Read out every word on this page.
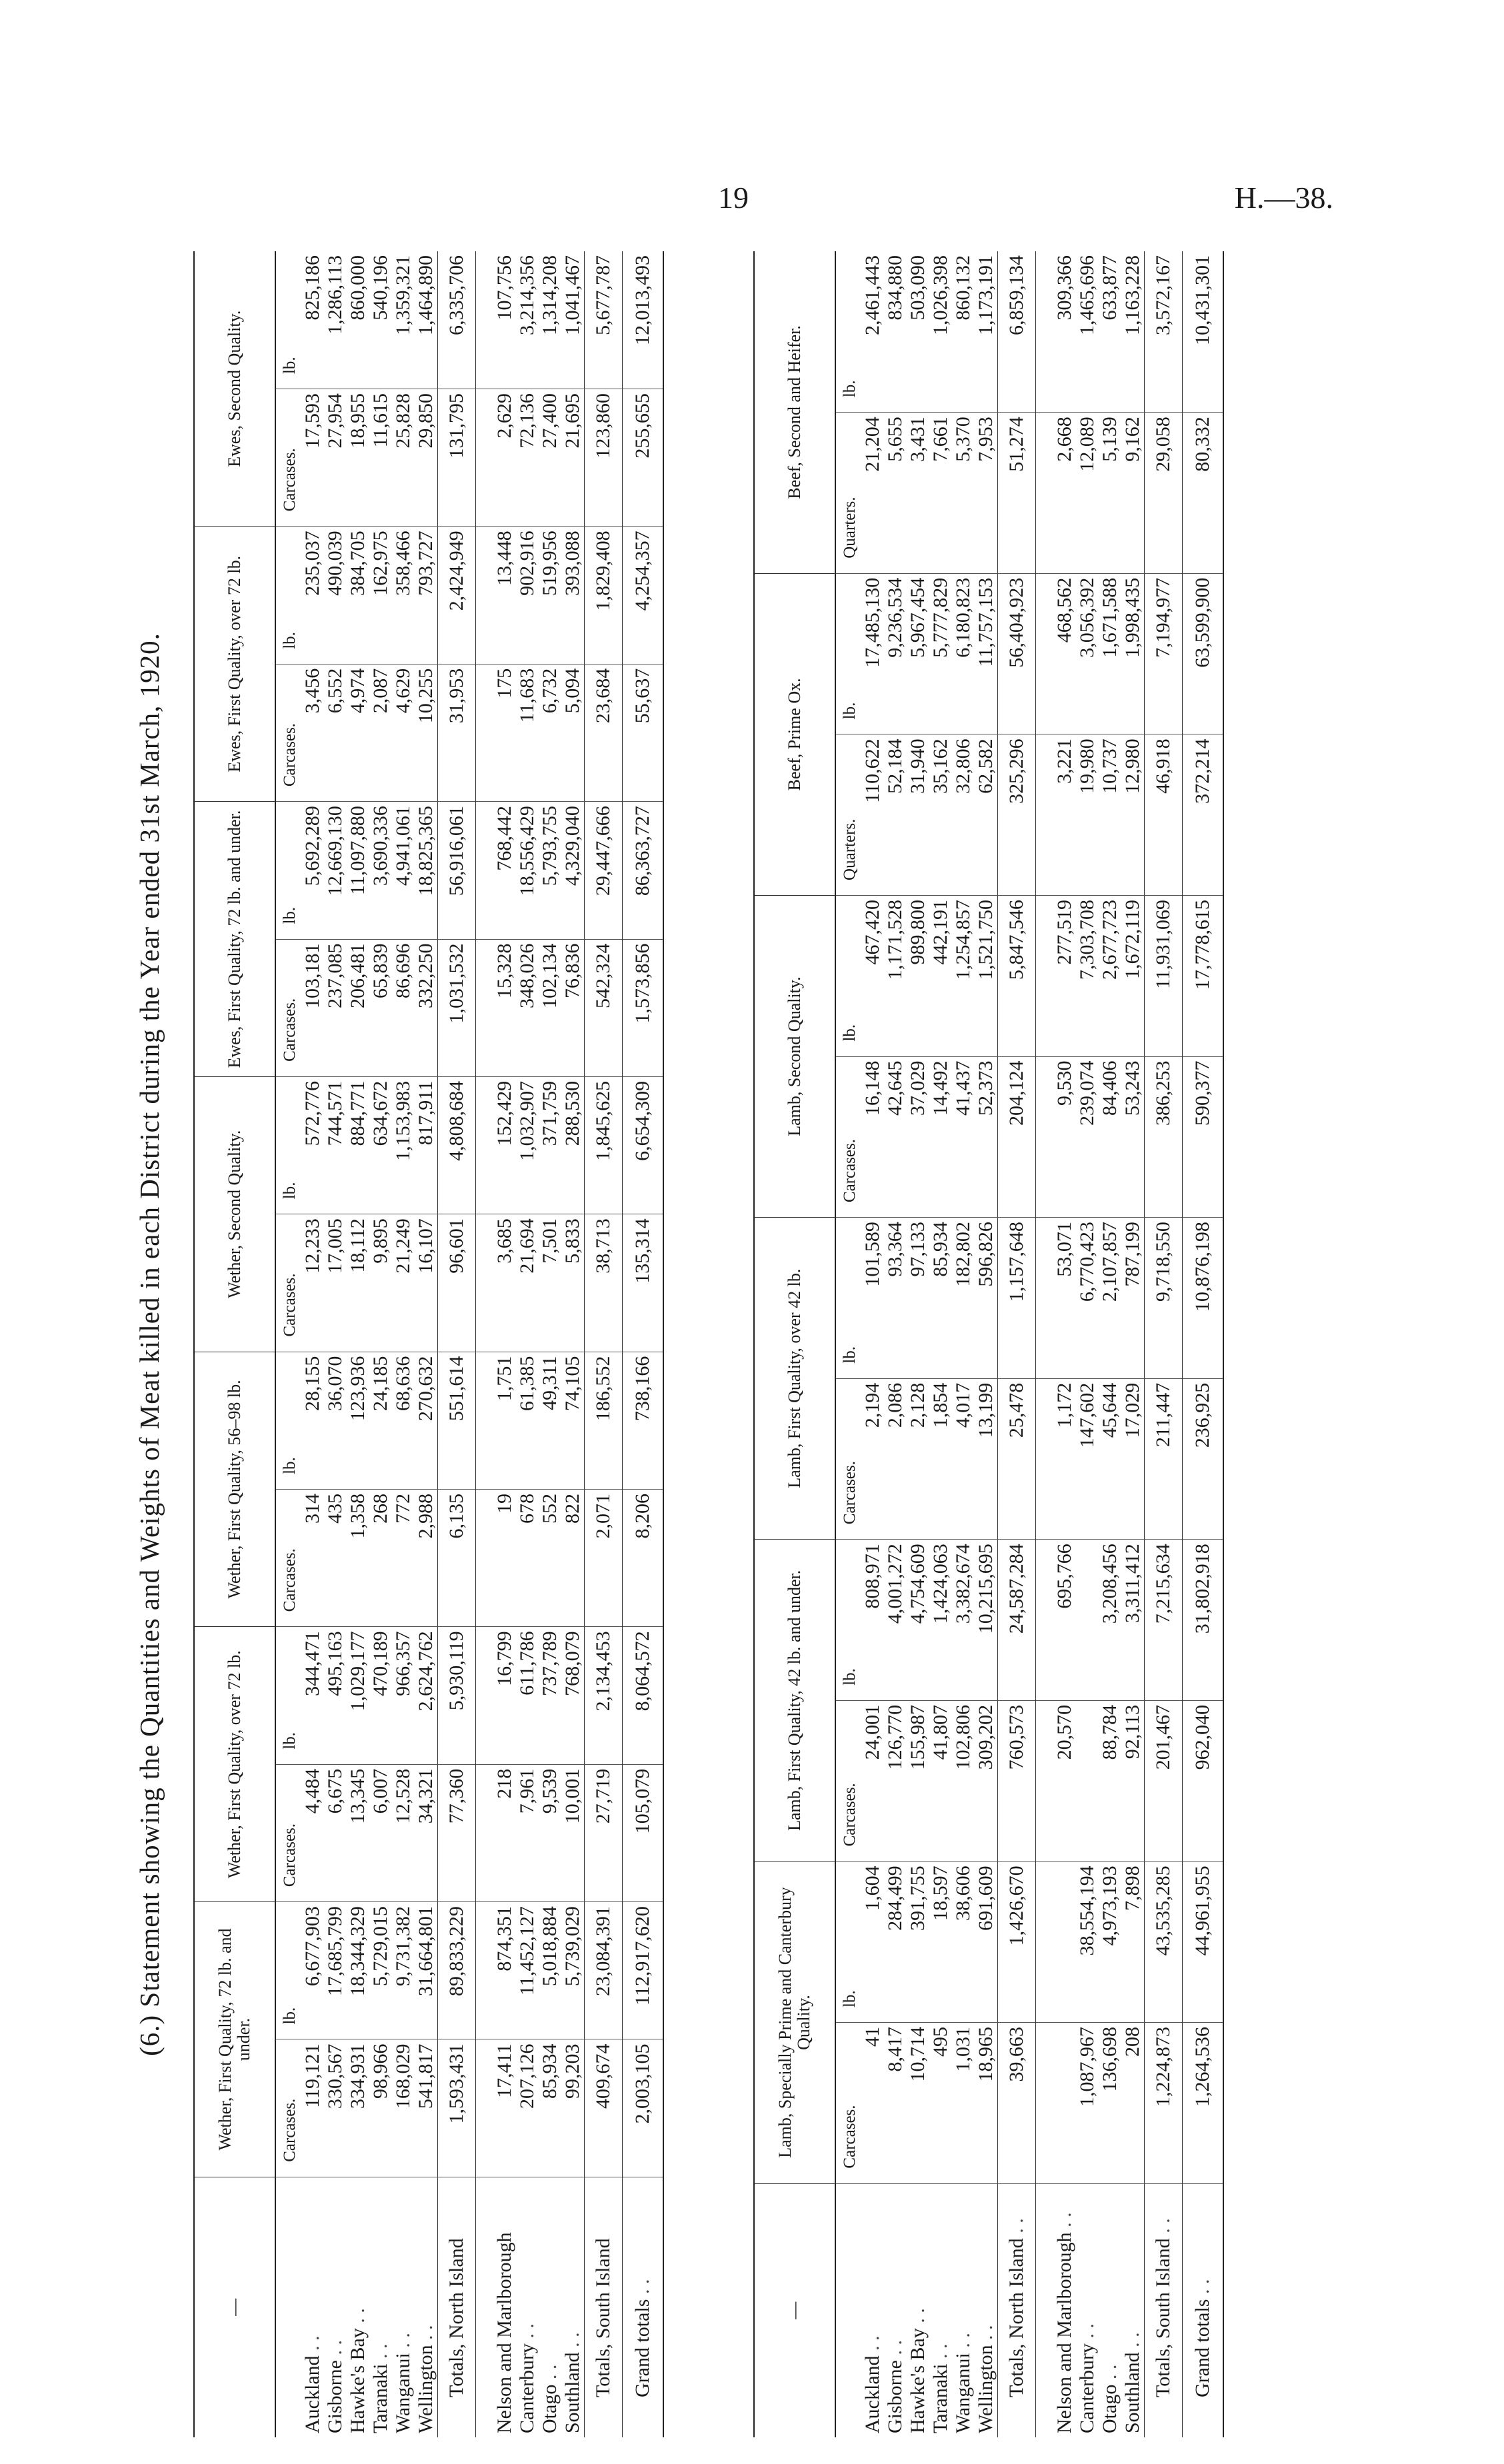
19	H.—38.
(6.) Statement showing the Quantities and Weights of Meat killed in each District during the Year ended 31st March, 1920.
—	Wether, First Quality, 72 lb. and under.		Wether, First Quality, over 72 lb.		Wether, First Quality, 56–98 lb.		Wether, Second Quality.		Ewes, First Quality, 72 lb. and under.		Ewes, First Quality, over 72 lb.		Ewes, Second Quality.	
	Carcases.	lb.	Carcases.	lb.	Carcases.	lb.	Carcases.	lb.	Carcases.	lb.	Carcases.	lb.	Carcases.	lb.
Auckland . .	119,121	6,677,903	4,484	344,471	314	28,155	12,233	572,776	103,181	5,692,289	3,456	235,037	17,593	825,186
Gisborne . .	330,567	17,685,799	6,675	495,163	435	36,070	17,005	744,571	237,085	12,669,130	6,552	490,039	27,954	1,286,113
Hawke's Bay . .	334,931	18,344,329	13,345	1,029,177	1,358	123,936	18,112	884,771	206,481	11,097,880	4,974	384,705	18,955	860,000
Taranaki . .	98,966	5,729,015	6,007	470,189	268	24,185	9,895	634,672	65,839	3,690,336	2,087	162,975	11,615	540,196
Wanganui . .	168,029	9,731,382	12,528	966,357	772	68,636	21,249	1,153,983	86,696	4,941,061	4,629	358,466	25,828	1,359,321
Wellington . .	541,817	31,664,801	34,321	2,624,762	2,988	270,632	16,107	817,911	332,250	18,825,365	10,255	793,727	29,850	1,464,890
Totals, North Island	1,593,431	89,833,229	77,360	5,930,119	6,135	551,614	96,601	4,808,684	1,031,532	56,916,061	31,953	2,424,949	131,795	6,335,706

Nelson and Marlborough	17,411	874,351	218	16,799	19	1,751	3,685	152,429	15,328	768,442	175	13,448	2,629	107,756
Canterbury . .	207,126	11,452,127	7,961	611,786	678	61,385	21,694	1,032,907	348,026	18,556,429	11,683	902,916	72,136	3,214,356
Otago . .	85,934	5,018,884	9,539	737,789	552	49,311	7,501	371,759	102,134	5,793,755	6,732	519,956	27,400	1,314,208
Southland . .	99,203	5,739,029	10,001	768,079	822	74,105	5,833	288,530	76,836	4,329,040	5,094	393,088	21,695	1,041,467
Totals, South Island	409,674	23,084,391	27,719	2,134,453	2,071	186,552	38,713	1,845,625	542,324	29,447,666	23,684	1,829,408	123,860	5,677,787
Grand totals . .	2,003,105	112,917,620	105,079	8,064,572	8,206	738,166	135,314	6,654,309	1,573,856	86,363,727	55,637	4,254,357	255,655	12,013,493
—	Lamb, Specially Prime and Canterbury Quality.		Lamb, First Quality, 42 lb. and under.		Lamb, First Quality, over 42 lb.		Lamb, Second Quality.		Beef, Prime Ox.		Beef, Second and Heifer.	
	Carcases.	lb.	Carcases.	lb.	Carcases.	lb.	Carcases.	lb.	Quarters.	lb.	Quarters.	lb.
Auckland . .	41	1,604	24,001	808,971	2,194	101,589	16,148	467,420	110,622	17,485,130	21,204	2,461,443
Gisborne . .	8,417	284,499	126,770	4,001,272	2,086	93,364	42,645	1,171,528	52,184	9,236,534	5,655	834,880
Hawke's Bay . .	10,714	391,755	155,987	4,754,609	2,128	97,133	37,029	989,800	31,940	5,967,454	3,431	503,090
Taranaki . .	495	18,597	41,807	1,424,063	1,854	85,934	14,492	442,191	35,162	5,777,829	7,661	1,026,398
Wanganui . .	1,031	38,606	102,806	3,382,674	4,017	182,802	41,437	1,254,857	32,806	6,180,823	5,370	860,132
Wellington . .	18,965	691,609	309,202	10,215,695	13,199	596,826	52,373	1,521,750	62,582	11,757,153	7,953	1,173,191
Totals, North Island . .	39,663	1,426,670	760,573	24,587,284	25,478	1,157,648	204,124	5,847,546	325,296	56,404,923	51,274	6,859,134

Nelson and Marlborough . .			20,570	695,766	1,172	53,071	9,530	277,519	3,221	468,562	2,668	309,366
Canterbury . .	1,087,967	38,554,194			147,602	6,770,423	239,074	7,303,708	19,980	3,056,392	12,089	1,465,696
Otago . .	136,698	4,973,193	88,784	3,208,456	45,644	2,107,857	84,406	2,677,723	10,737	1,671,588	5,139	633,877
Southland . .	208	7,898	92,113	3,311,412	17,029	787,199	53,243	1,672,119	12,980	1,998,435	9,162	1,163,228
Totals, South Island . .	1,224,873	43,535,285	201,467	7,215,634	211,447	9,718,550	386,253	11,931,069	46,918	7,194,977	29,058	3,572,167
Grand totals . .	1,264,536	44,961,955	962,040	31,802,918	236,925	10,876,198	590,377	17,778,615	372,214	63,599,900	80,332	10,431,301
